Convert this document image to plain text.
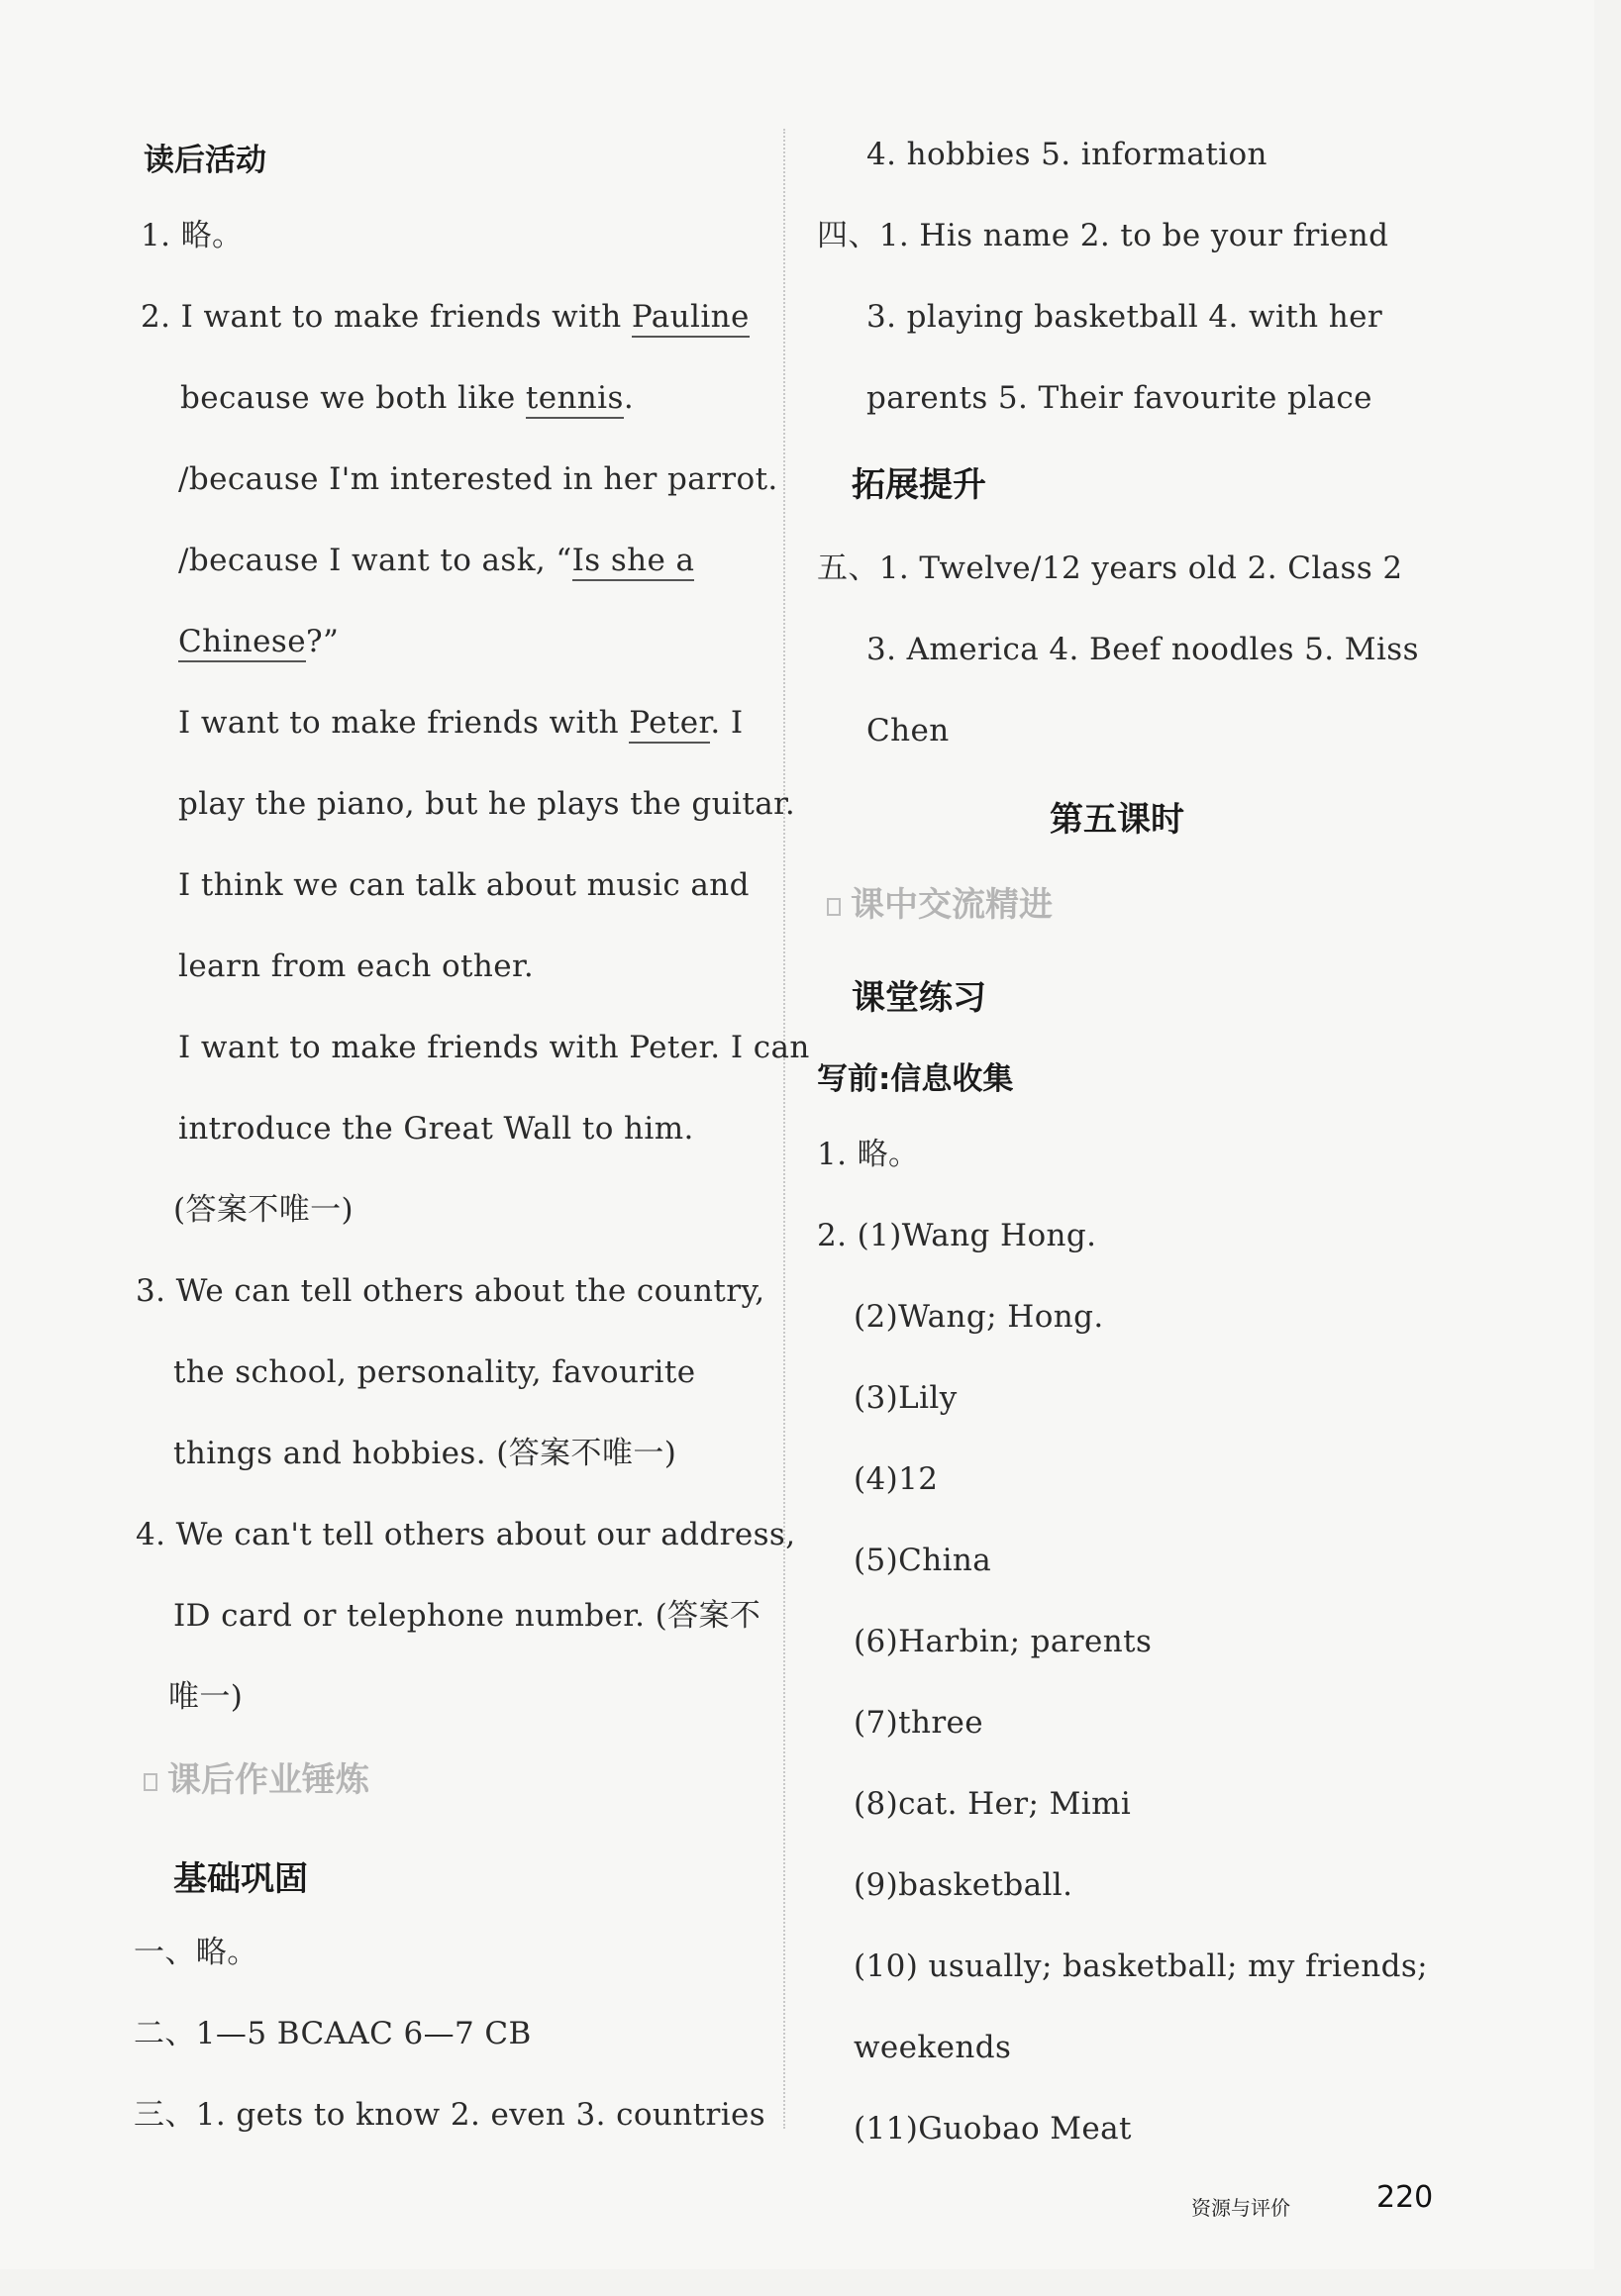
读后活动
1. 略。
2. I want to make friends with Pauline
because we both like tennis.
/because I'm interested in her parrot.
/because I want to ask, “Is she a
Chinese?”
I want to make friends with Peter. I
play the piano, but he plays the guitar.
I think we can talk about music and
learn from each other.
I want to make friends with Peter. I can
introduce the Great Wall to him.
(答案不唯一)
3. We can tell others about the country,
the school, personality, favourite
things and hobbies. (答案不唯一)
4. We can't tell others about our address,
ID card or telephone number. (答案不
唯一)
课后作业锤炼
基础巩固
一、略。
二、1—5 BCAAC 6—7 CB
三、1. gets to know 2. even 3. countries
4. hobbies 5. information
四、1. His name 2. to be your friend
3. playing basketball 4. with her
parents 5. Their favourite place
拓展提升
五、1. Twelve/12 years old 2. Class 2
3. America 4. Beef noodles 5. Miss
Chen
第五课时
课中交流精进
课堂练习
写前:信息收集
1. 略。
2. (1)Wang Hong.
(2)Wang; Hong.
(3)Lily
(4)12
(5)China
(6)Harbin; parents
(7)three
(8)cat. Her; Mimi
(9)basketball.
(10) usually; basketball; my friends;
weekends
(11)Guobao Meat
资源与评价	220
